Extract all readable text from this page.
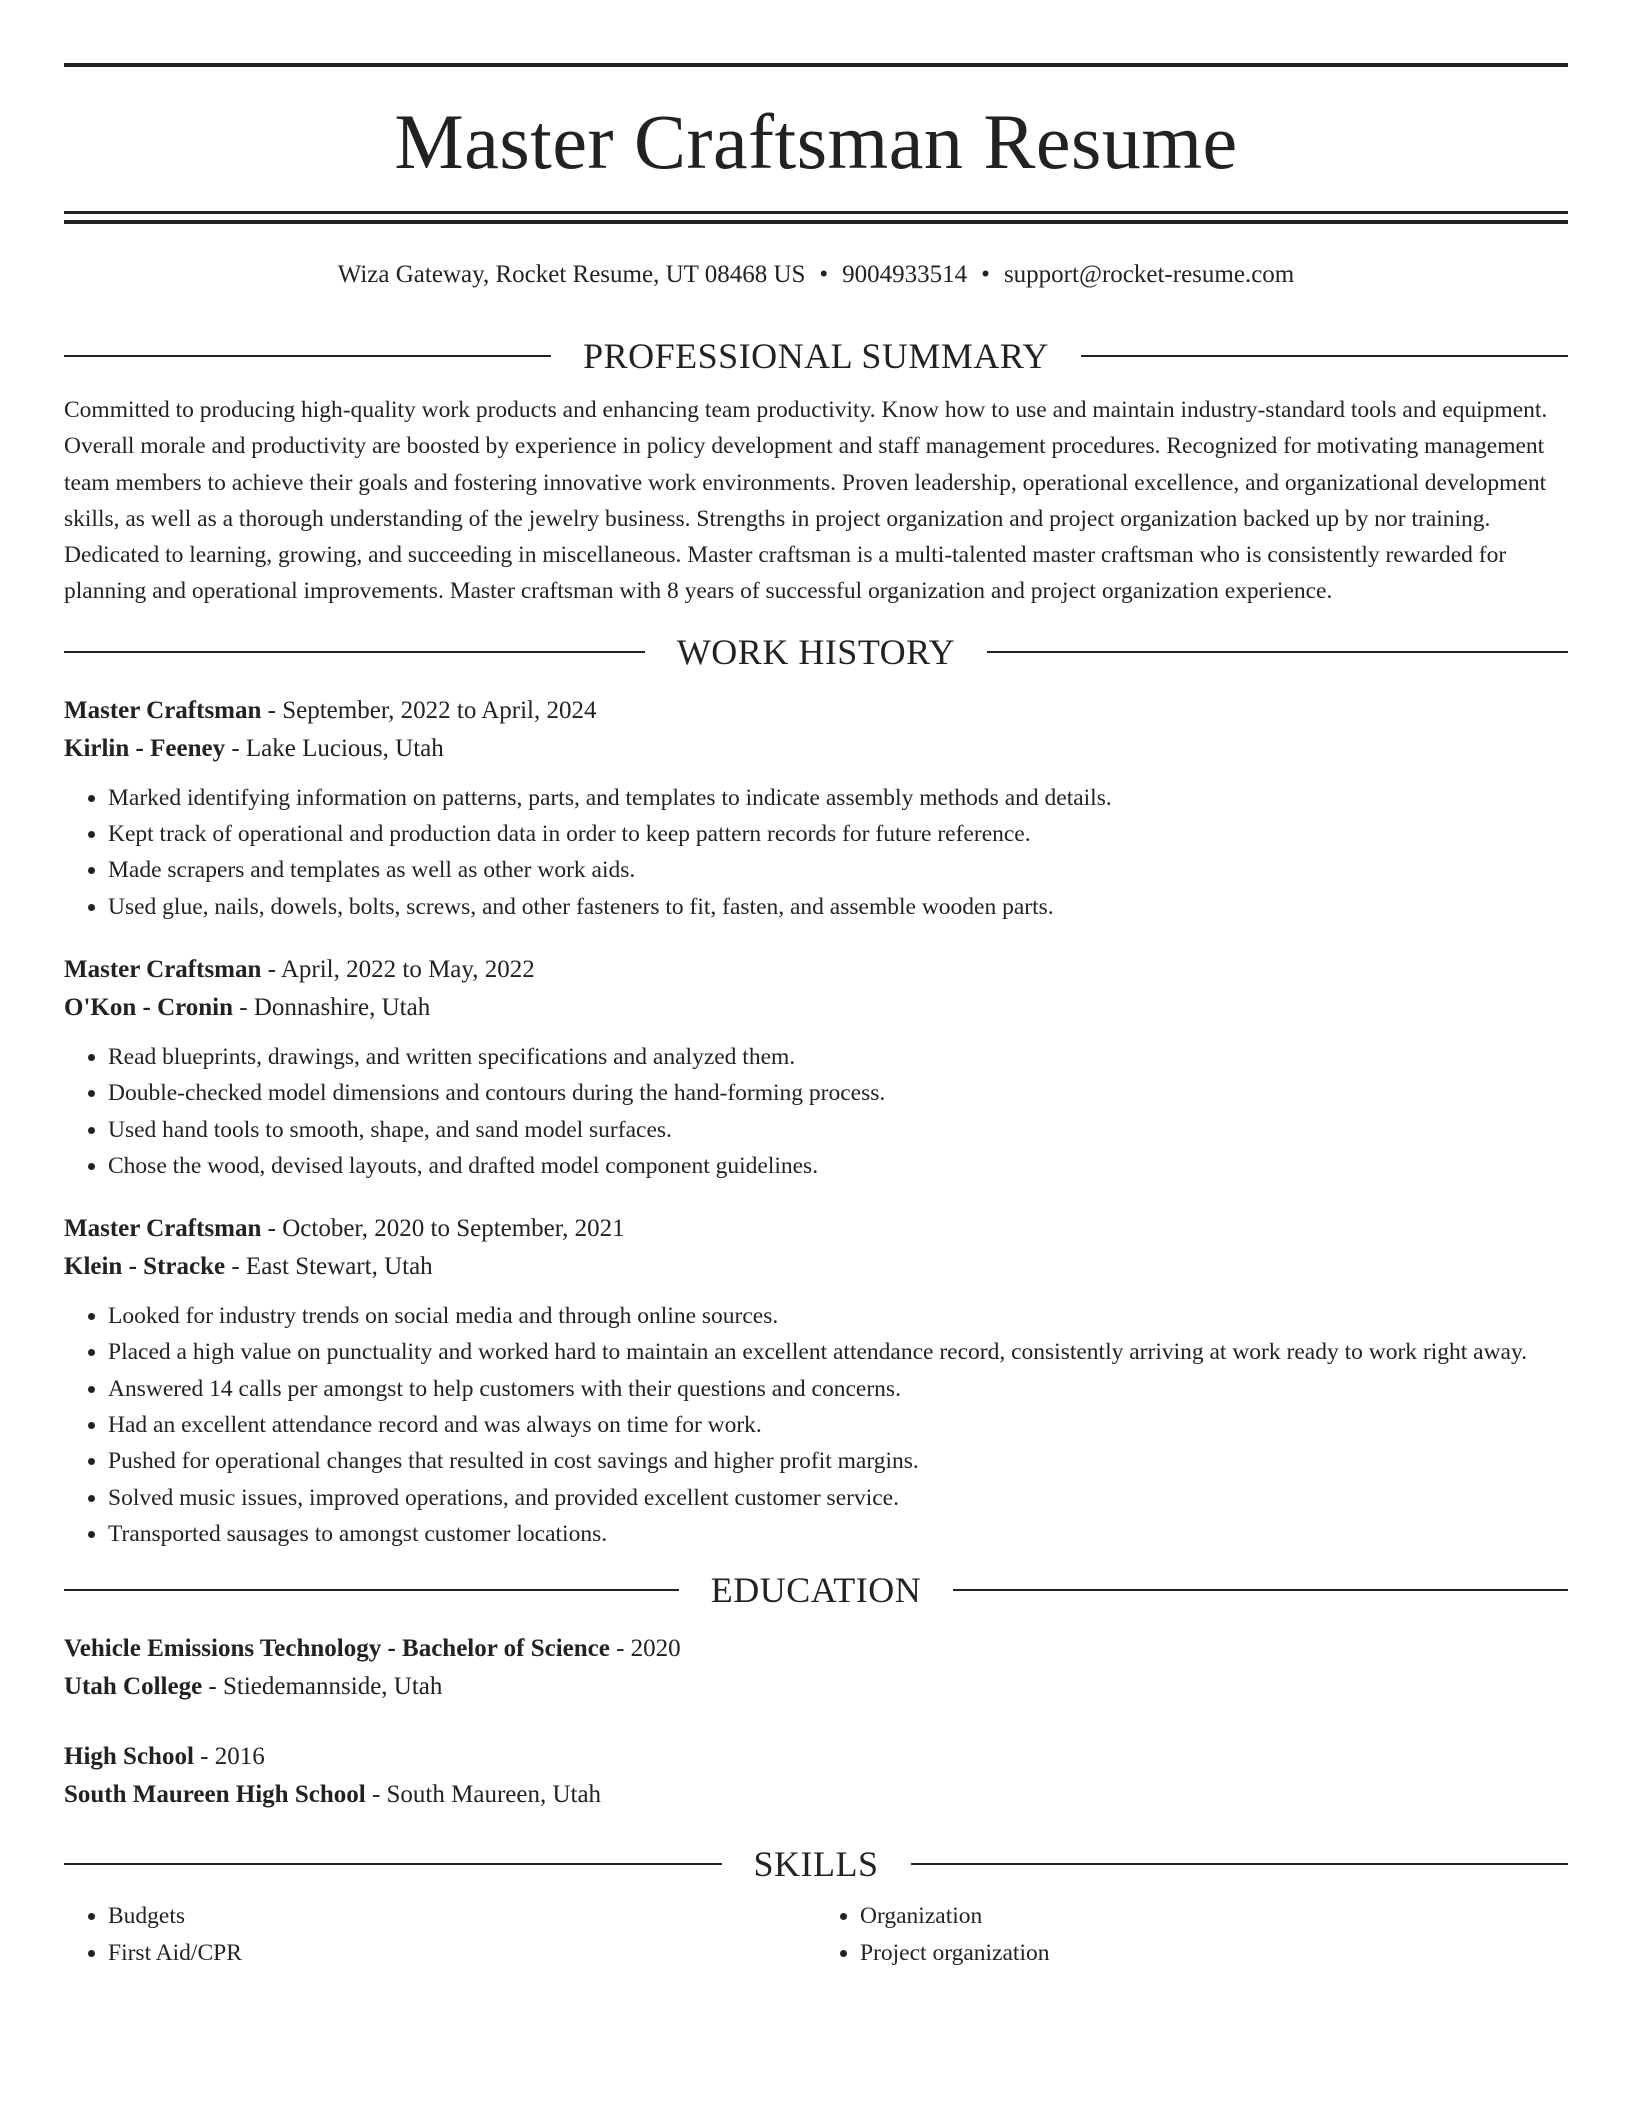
Master Craftsman Resume
Wiza Gateway, Rocket Resume, UT 08468 US • 9004933514 • support@rocket-resume.com
PROFESSIONAL SUMMARY
Committed to producing high-quality work products and enhancing team productivity. Know how to use and maintain industry-standard tools and equipment. Overall morale and productivity are boosted by experience in policy development and staff management procedures. Recognized for motivating management team members to achieve their goals and fostering innovative work environments. Proven leadership, operational excellence, and organizational development skills, as well as a thorough understanding of the jewelry business. Strengths in project organization and project organization backed up by nor training. Dedicated to learning, growing, and succeeding in miscellaneous. Master craftsman is a multi-talented master craftsman who is consistently rewarded for planning and operational improvements. Master craftsman with 8 years of successful organization and project organization experience.
WORK HISTORY
Master Craftsman - September, 2022 to April, 2024
Kirlin - Feeney - Lake Lucious, Utah
• Marked identifying information on patterns, parts, and templates to indicate assembly methods and details.
• Kept track of operational and production data in order to keep pattern records for future reference.
• Made scrapers and templates as well as other work aids.
• Used glue, nails, dowels, bolts, screws, and other fasteners to fit, fasten, and assemble wooden parts.
Master Craftsman - April, 2022 to May, 2022
O'Kon - Cronin - Donnashire, Utah
• Read blueprints, drawings, and written specifications and analyzed them.
• Double-checked model dimensions and contours during the hand-forming process.
• Used hand tools to smooth, shape, and sand model surfaces.
• Chose the wood, devised layouts, and drafted model component guidelines.
Master Craftsman - October, 2020 to September, 2021
Klein - Stracke - East Stewart, Utah
• Looked for industry trends on social media and through online sources.
• Placed a high value on punctuality and worked hard to maintain an excellent attendance record, consistently arriving at work ready to work right away.
• Answered 14 calls per amongst to help customers with their questions and concerns.
• Had an excellent attendance record and was always on time for work.
• Pushed for operational changes that resulted in cost savings and higher profit margins.
• Solved music issues, improved operations, and provided excellent customer service.
• Transported sausages to amongst customer locations.
EDUCATION
Vehicle Emissions Technology - Bachelor of Science - 2020
Utah College - Stiedemannside, Utah
High School - 2016
South Maureen High School - South Maureen, Utah
SKILLS
• Budgets
• First Aid/CPR
• Organization
• Project organization
